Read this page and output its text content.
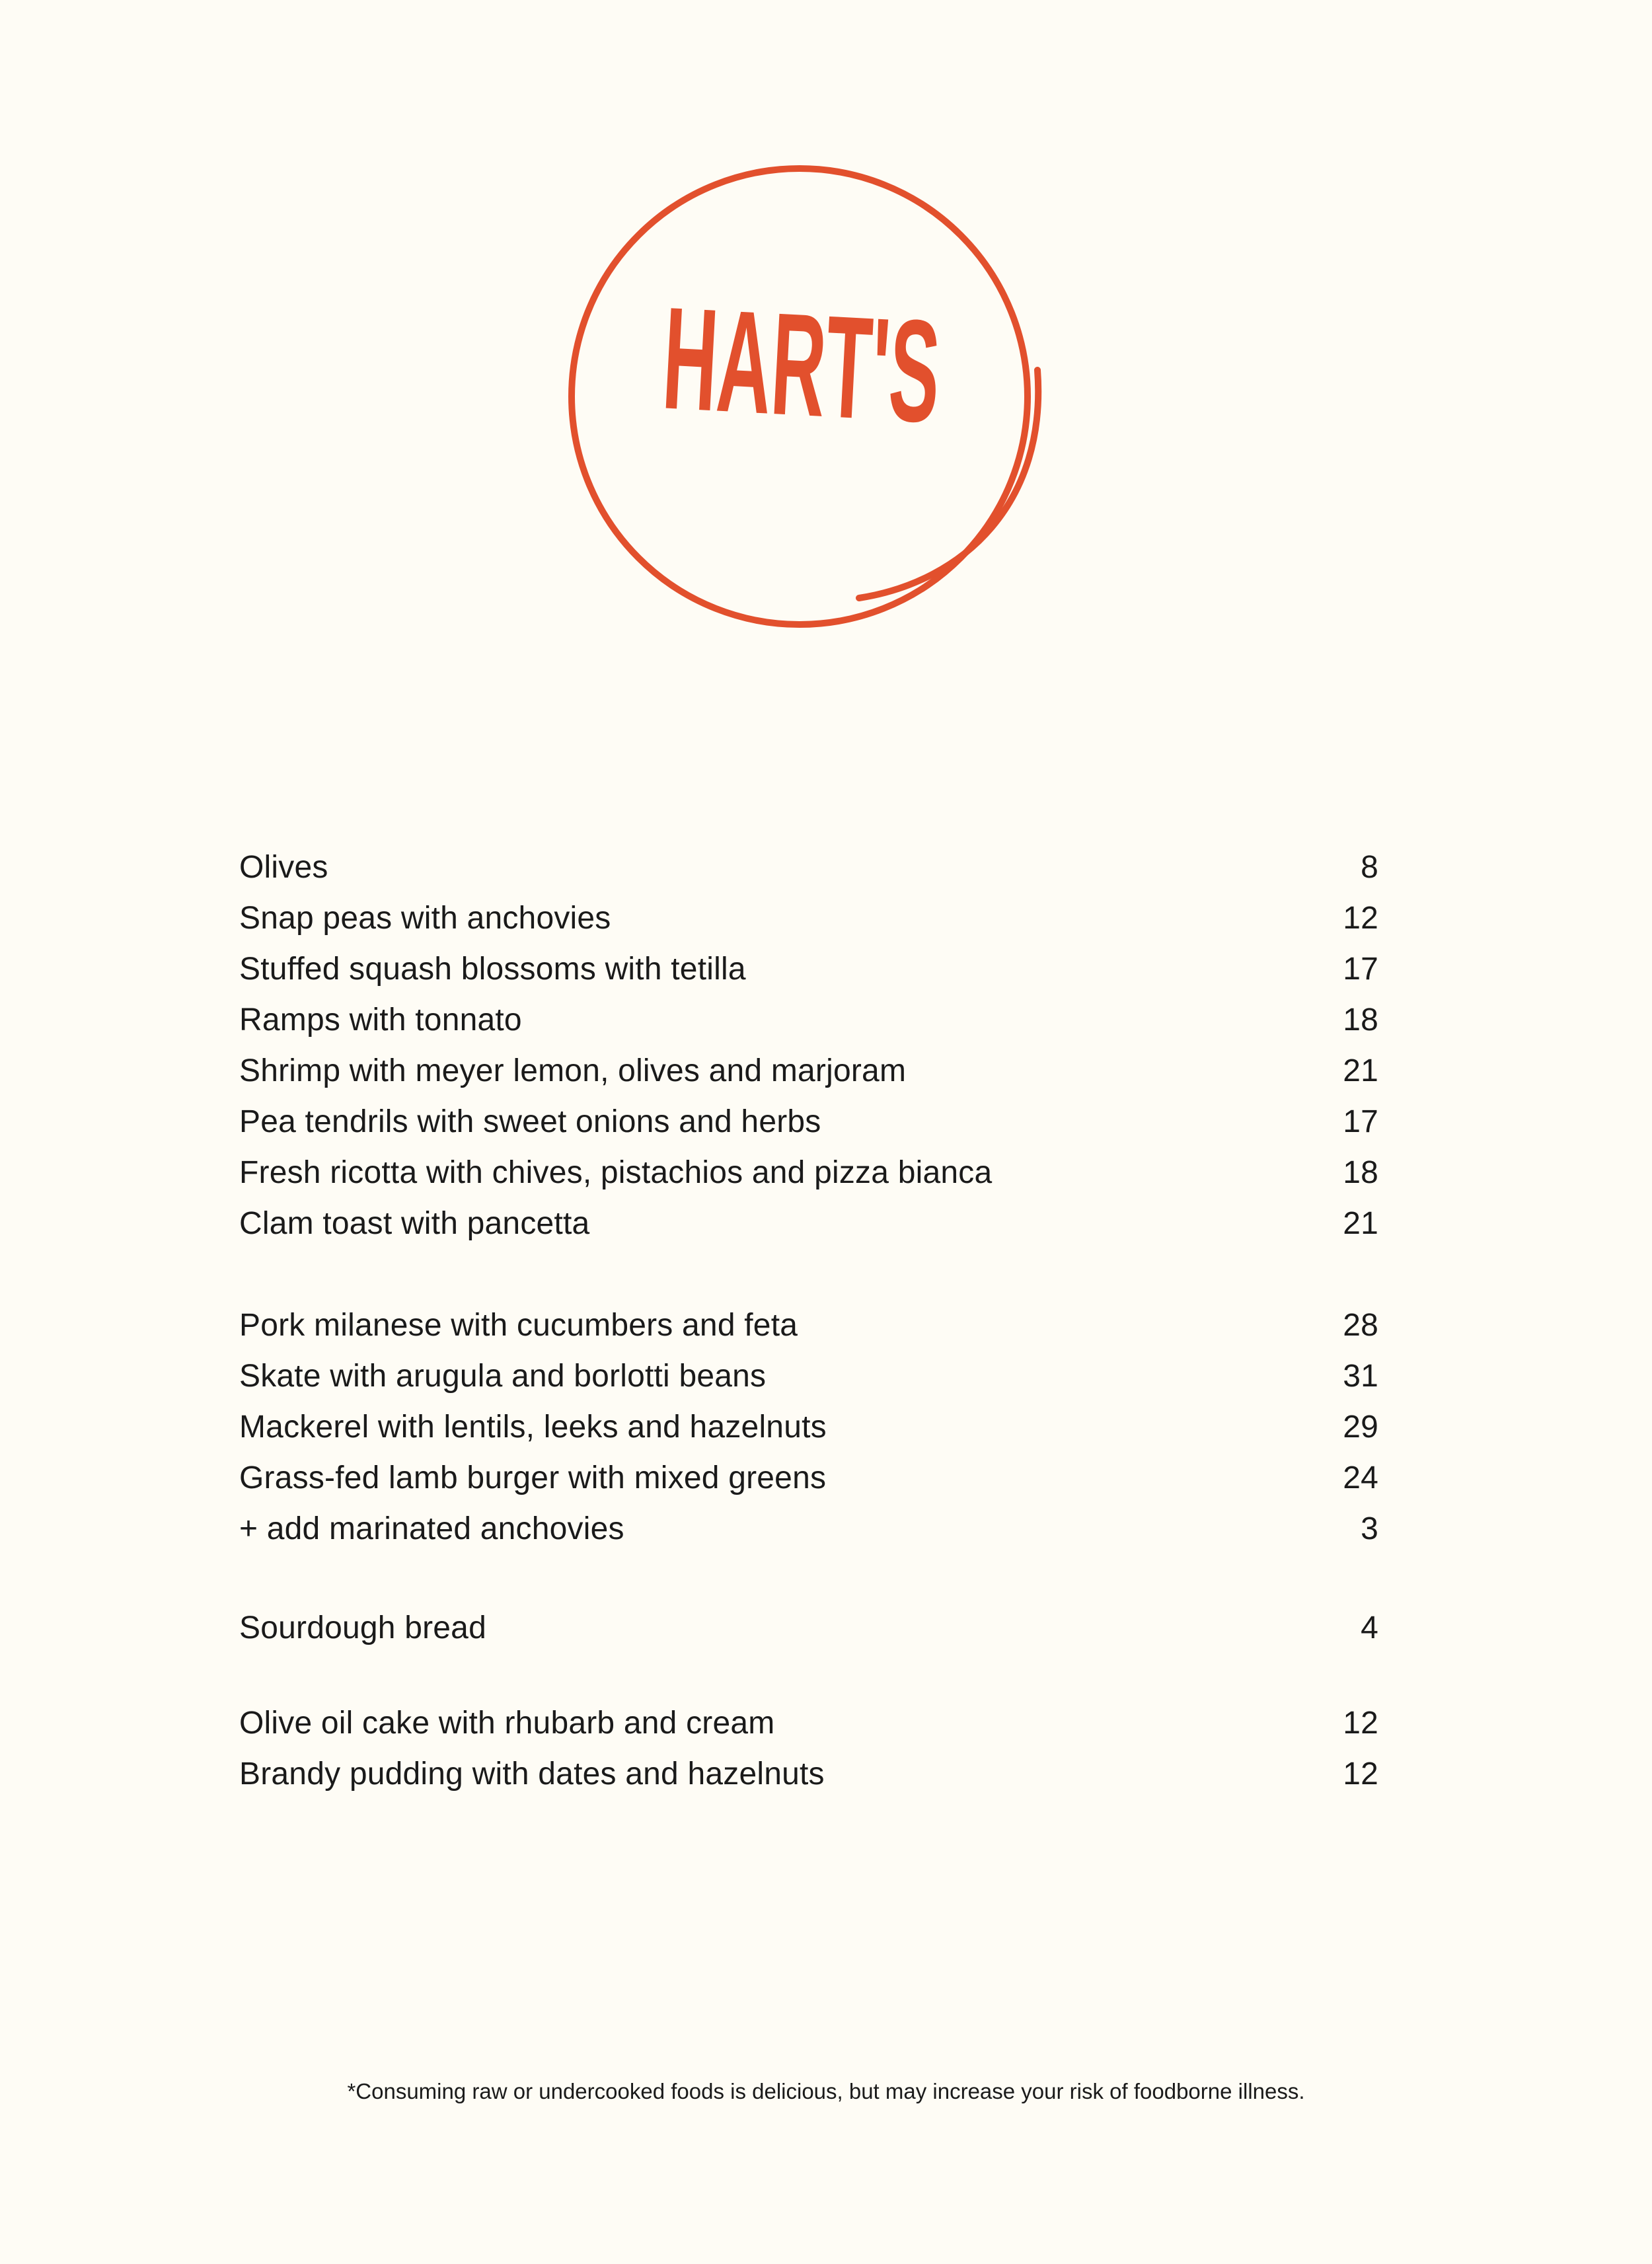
HART'S
Olives	8
Snap peas with anchovies	12
Stuffed squash blossoms with tetilla	17
Ramps with tonnato	18
Shrimp with meyer lemon, olives and marjoram	21
Pea tendrils with sweet onions and herbs	17
Fresh ricotta with chives, pistachios and pizza bianca	18
Clam toast with pancetta	21
Pork milanese with cucumbers and feta	28
Skate with arugula and borlotti beans	31
Mackerel with lentils, leeks and hazelnuts	29
Grass-fed lamb burger with mixed greens	24
+ add marinated anchovies	3
Sourdough bread	4
Olive oil cake with rhubarb and cream	12
Brandy pudding with dates and hazelnuts	12
*Consuming raw or undercooked foods is delicious, but may increase your risk of foodborne illness.
